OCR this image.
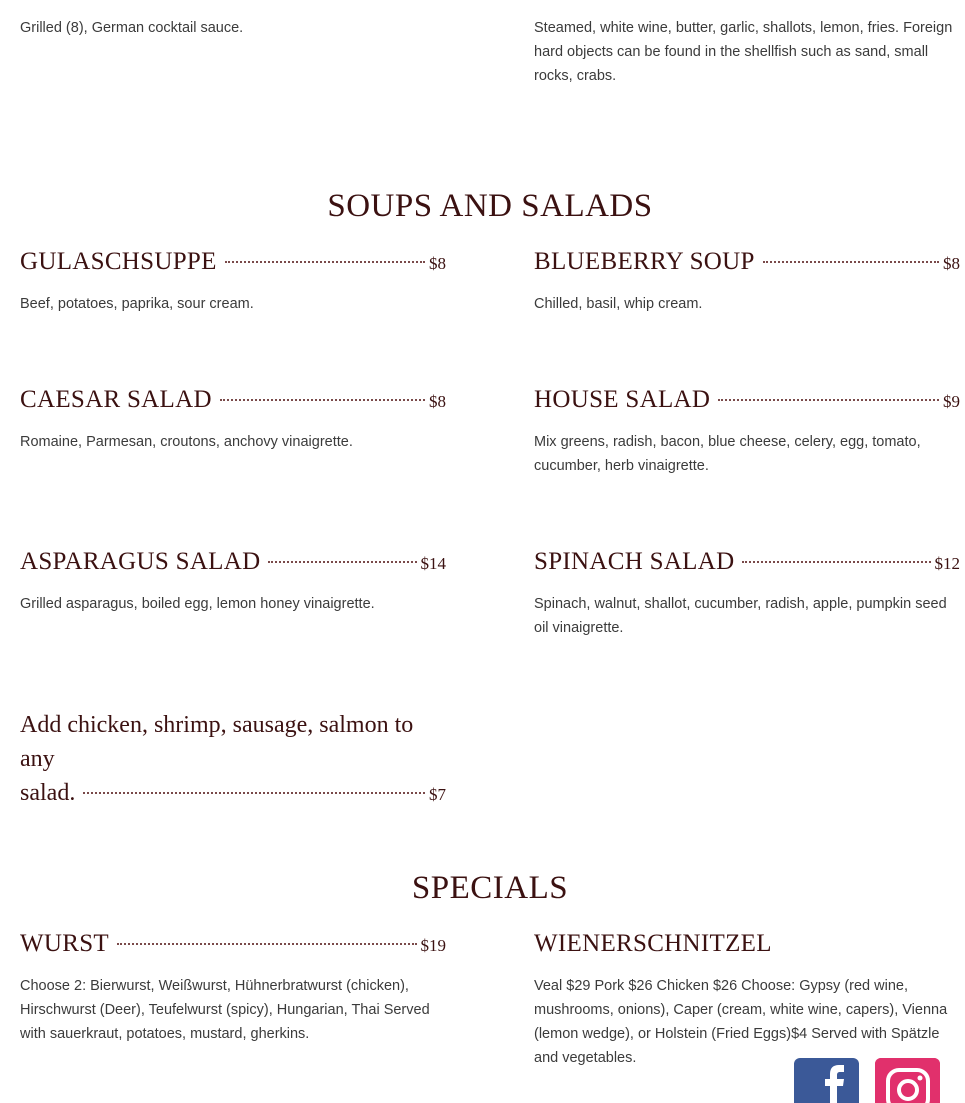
Grilled (8), German cocktail sauce.	Steamed, white wine, butter, garlic, shallots, lemon, fries. Foreign hard objects can be found in the shellfish such as sand, small rocks, crabs.
SOUPS AND SALADS
GULASCHSUPPE	$8
Beef, potatoes, paprika, sour cream.
BLUEBERRY SOUP	$8
Chilled, basil, whip cream.
CAESAR SALAD	$8
Romaine, Parmesan, croutons, anchovy vinaigrette.
HOUSE SALAD	$9
Mix greens, radish, bacon, blue cheese, celery, egg, tomato, cucumber, herb vinaigrette.
ASPARAGUS SALAD	$14
Grilled asparagus, boiled egg, lemon honey vinaigrette.
SPINACH SALAD	$12
Spinach, walnut, shallot, cucumber, radish, apple, pumpkin seed oil vinaigrette.
Add chicken, shrimp, sausage, salmon to any
salad.	$7
SPECIALS
WURST	$19
Choose 2: Bierwurst, Weißwurst, Hühnerbratwurst (chicken), Hirschwurst (Deer), Teufelwurst (spicy), Hungarian, Thai Served with sauerkraut, potatoes, mustard, gherkins.
WIENERSCHNITZEL
Veal $29 Pork $26 Chicken $26 Choose: Gypsy (red wine, mushrooms, onions), Caper (cream, white wine, capers), Vienna (lemon wedge), or Holstein (Fried Eggs)$4 Served with Spätzle and vegetables.
